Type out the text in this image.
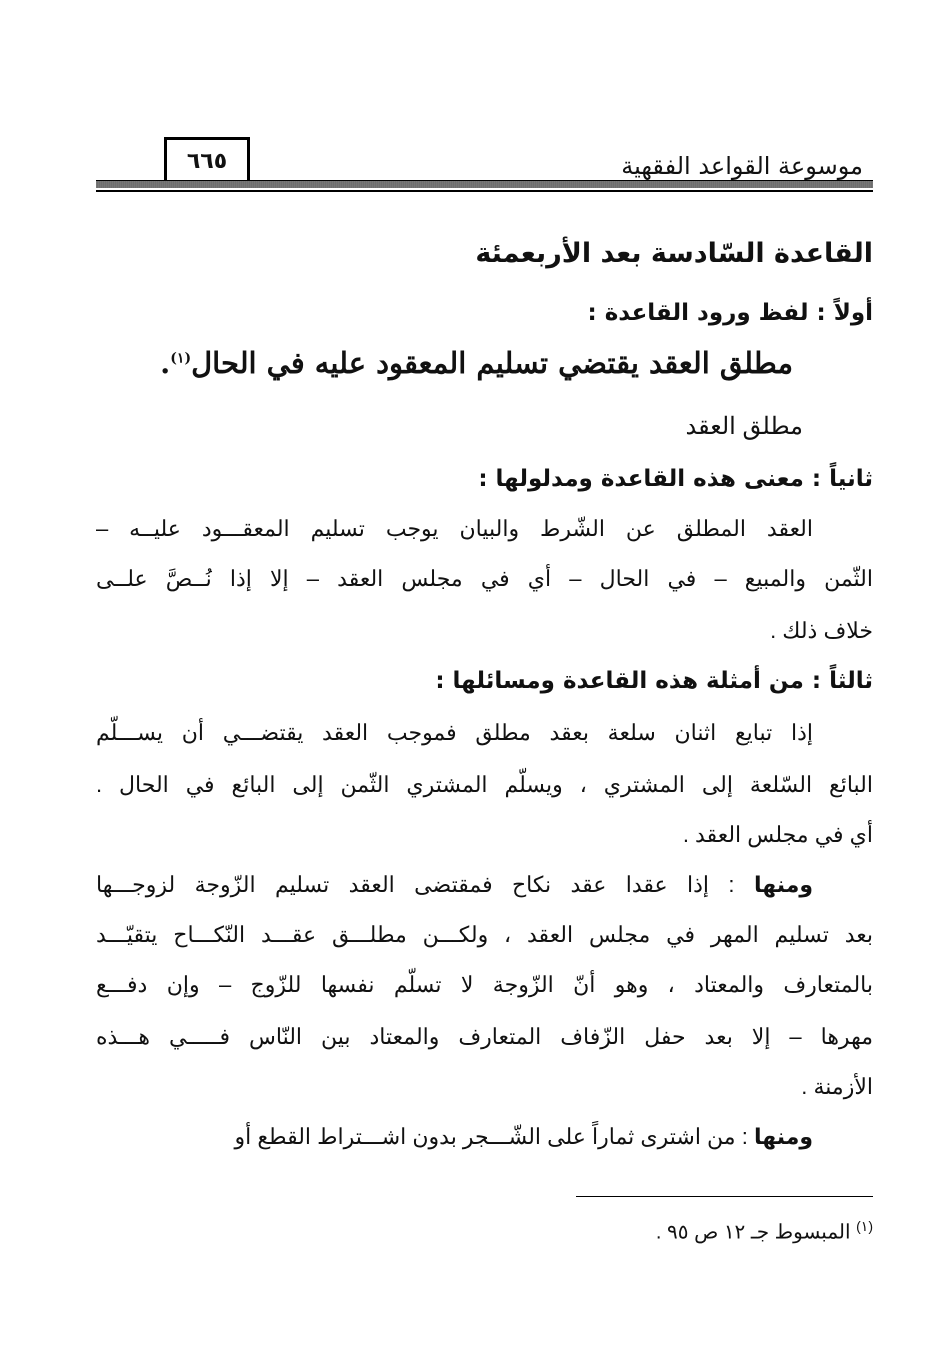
موسوعة القواعد الفقهية
٦٦٥
القاعدة السّادسة بعد الأربعمئة
أولاً : لفظ ورود القاعدة :
مطلق العقد يقتضي تسليم المعقود عليه في الحال$^{(١)}$.
مطلق العقد
ثانياً : معنى هذه القاعدة ومدلولها :
العقد المطلق عن الشّرط والبيان يوجب تسليم المعقـــود عليــه –
الثّمن والمبيع – في الحال – أي في مجلس العقد – إلا إذا نُــصَّ علــى
خلاف ذلك .
ثالثاً : من أمثلة هذه القاعدة ومسائلها :
إذا تبايع اثنان سلعة بعقد مطلق فموجب العقد يقتضـــي أن يســـلّم
البائع السّلعة إلى المشتري ، ويسلّم المشتري الثّمن إلى البائع في الحال .
أي في مجلس العقد .
ومنها : إذا عقدا عقد نكاح فمقتضى العقد تسليم الزّوجة لزوجـــها
بعد تسليم المهر في مجلس العقد ، ولكـــن مطلـــق عقـــد النّكـــاح يتقيّـــد
بالمتعارف والمعتاد ، وهو أنّ الزّوجة لا تسلّم نفسها للزّوج – وإن دفـــع
مهرها – إلا بعد حفل الزّفاف المتعارف والمعتاد بين النّاس فـــــي هـــذه
الأزمنة .
ومنها : من اشترى ثماراً على الشّـــجر بدون اشـــتراط القطع أو
$^{(١)}$ المبسوط جـ ١٢ ص ٩٥ .
